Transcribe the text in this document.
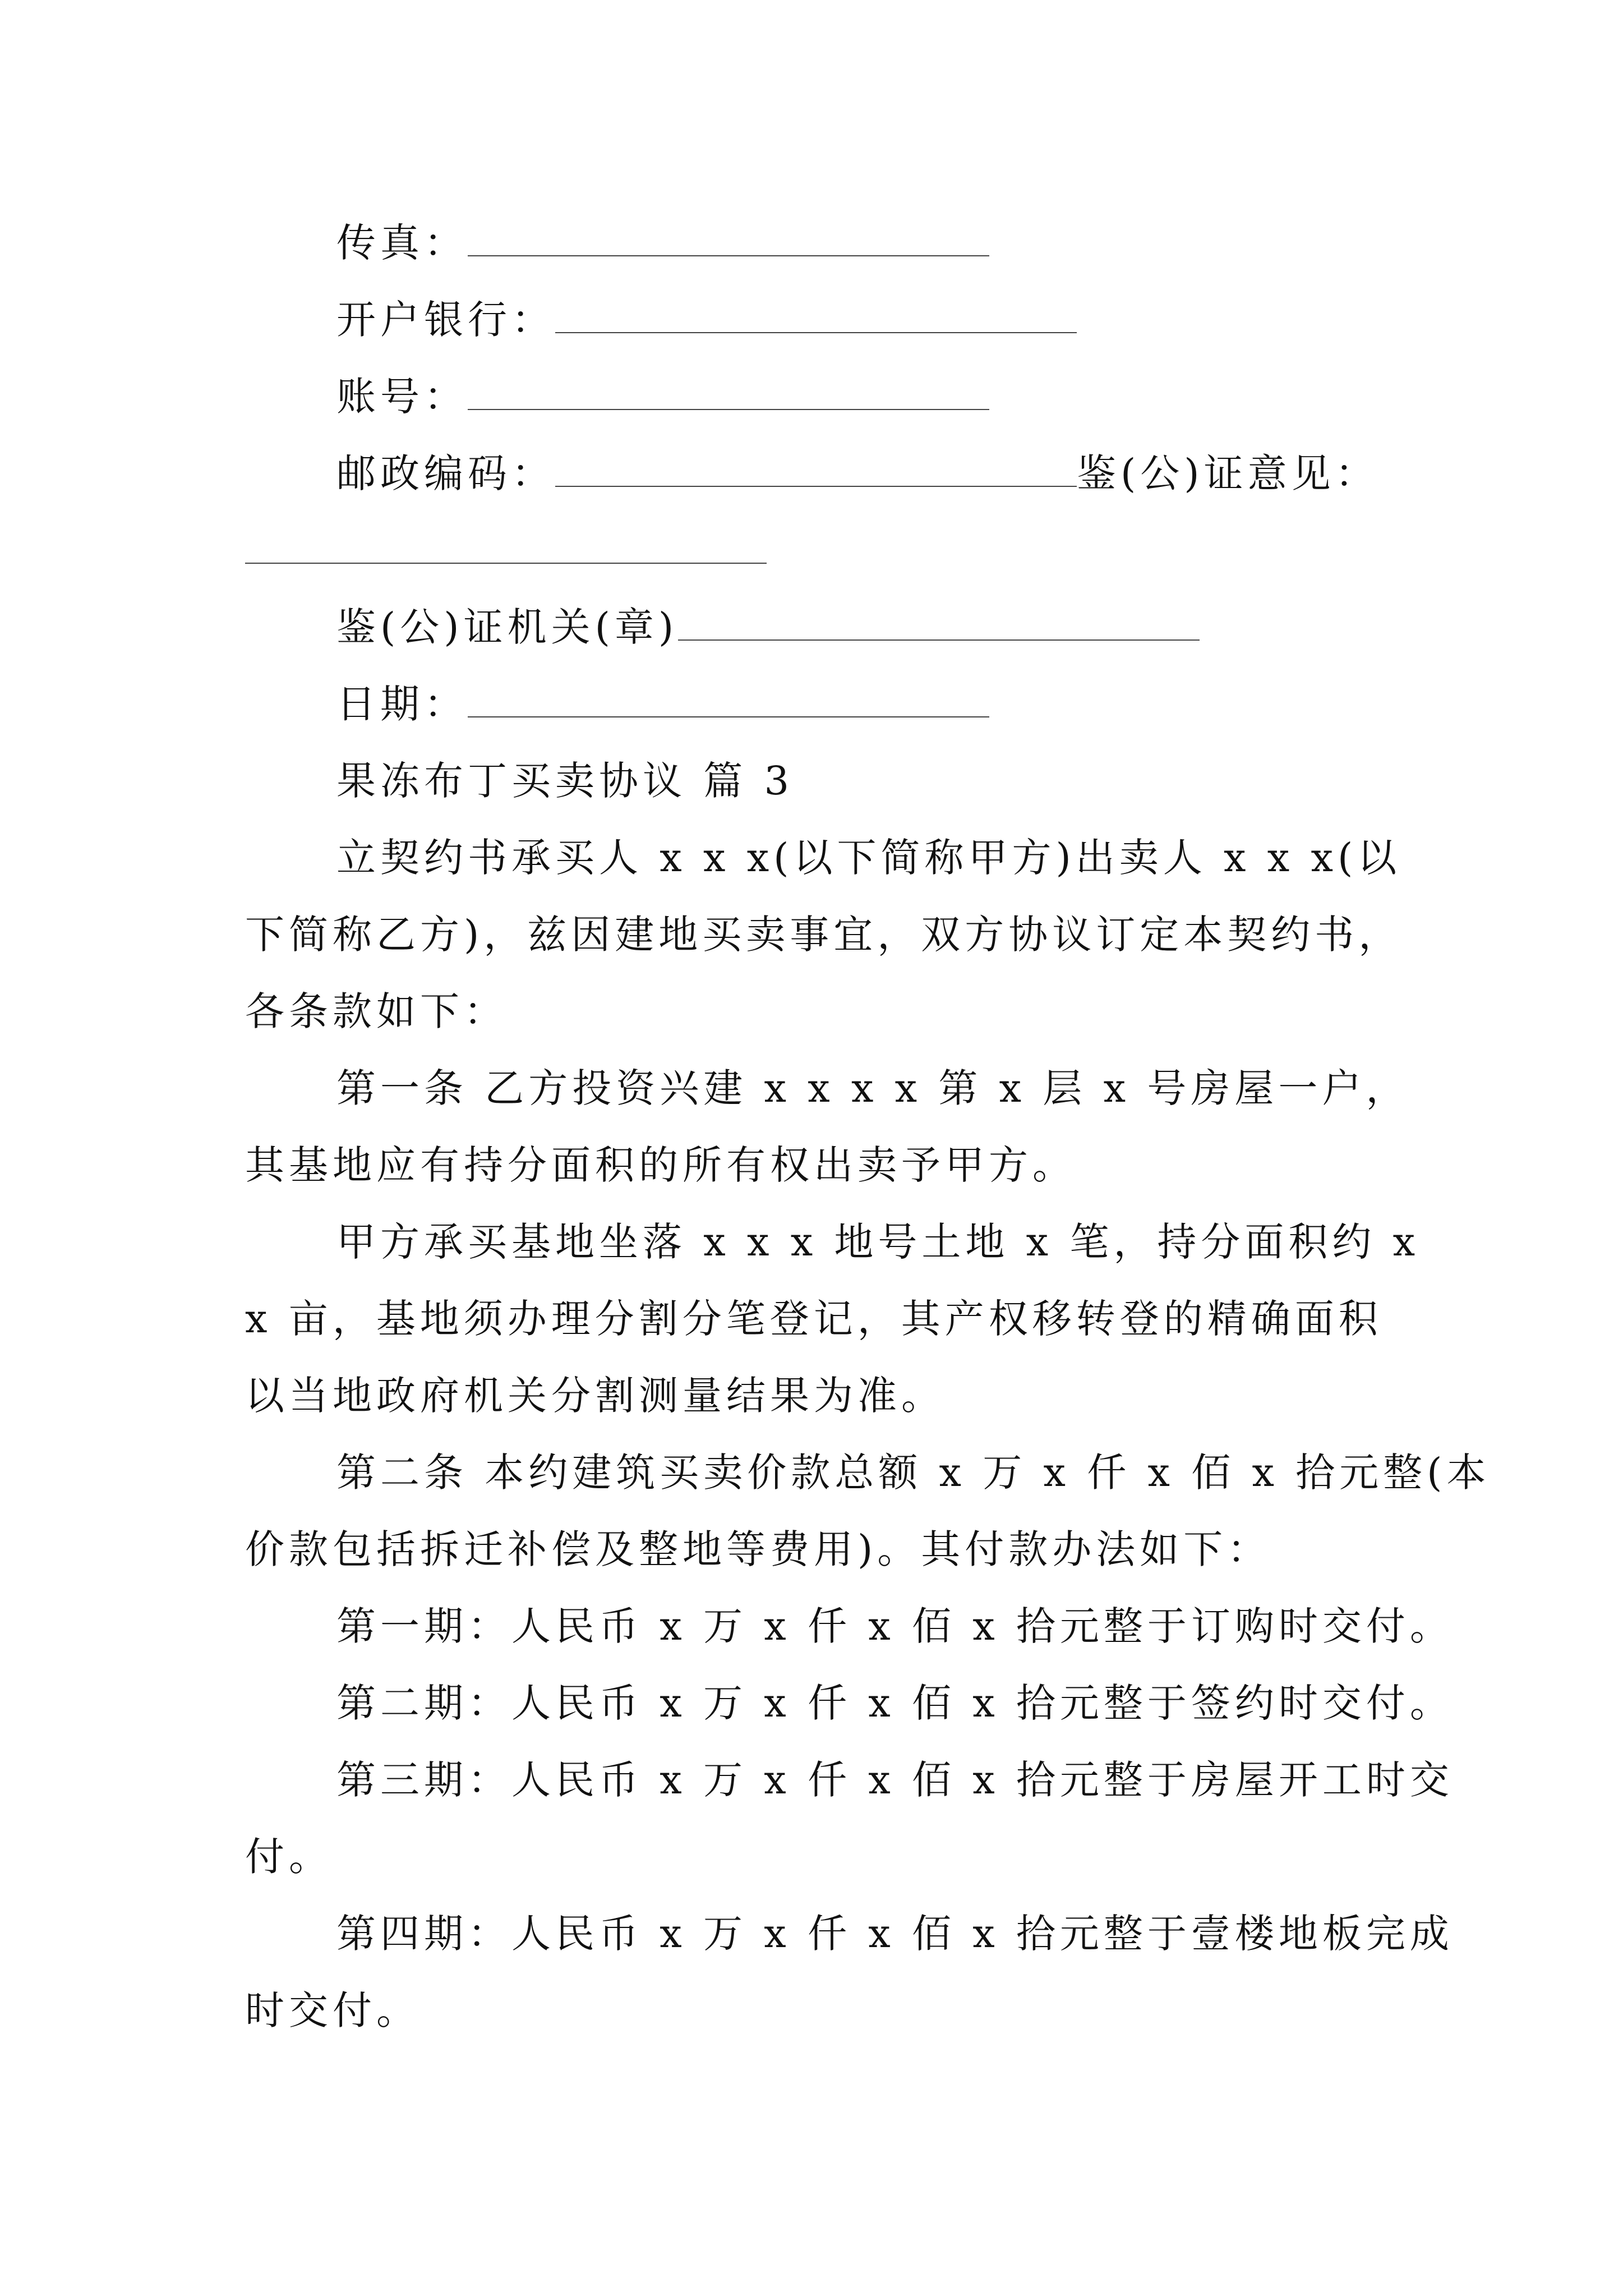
传真：
开户银行：
账号：
邮政编码：	鉴(公)证意见：
鉴(公)证机关(章)
日期：
果冻布丁买卖协议 篇 3
立契约书承买人 x x x(以下简称甲方)出卖人 x x x(以
下简称乙方)，兹因建地买卖事宜，双方协议订定本契约书，
各条款如下：
第一条 乙方投资兴建 x x x x 第 x 层 x 号房屋一户，
其基地应有持分面积的所有权出卖予甲方。
甲方承买基地坐落 x x x 地号土地 x 笔，持分面积约 x
x 亩，基地须办理分割分笔登记，其产权移转登的精确面积
以当地政府机关分割测量结果为准。
第二条 本约建筑买卖价款总额 x 万 x 仟 x 佰 x 拾元整(本
价款包括拆迁补偿及整地等费用)。其付款办法如下：
第一期：人民币 x 万 x 仟 x 佰 x 拾元整于订购时交付。
第二期：人民币 x 万 x 仟 x 佰 x 拾元整于签约时交付。
第三期：人民币 x 万 x 仟 x 佰 x 拾元整于房屋开工时交
付。
第四期：人民币 x 万 x 仟 x 佰 x 拾元整于壹楼地板完成
时交付。
